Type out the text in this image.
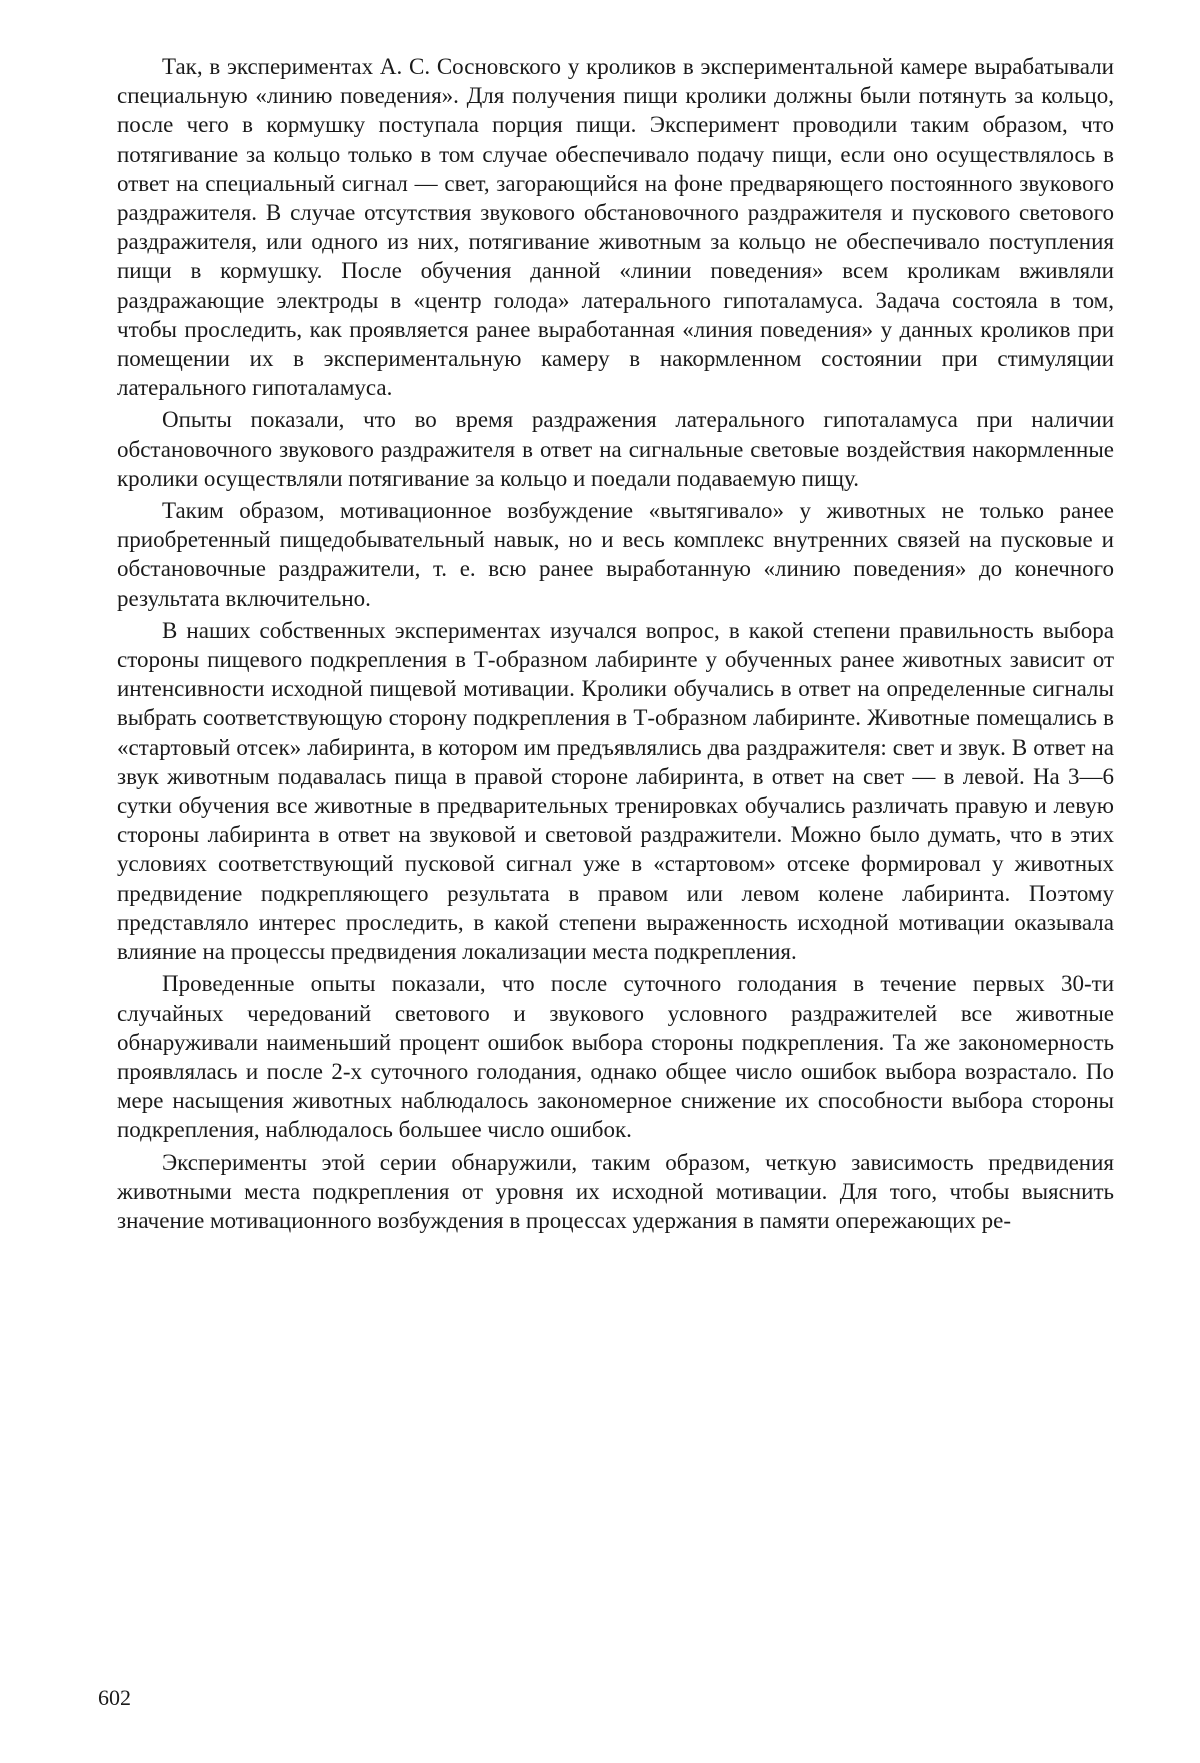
Так, в экспериментах А. С. Сосновского у кроликов в экспериментальной камере вырабатывали специальную «линию поведения». Для получения пищи кролики должны были потянуть за кольцо, после чего в кормушку поступала порция пищи. Эксперимент проводили таким образом, что потягивание за кольцо только в том случае обеспечивало подачу пищи, если оно осуществлялось в ответ на специальный сигнал — свет, загорающийся на фоне предваряющего постоянного звукового раздражителя. В случае отсутствия звукового обстановочного раздражителя и пускового светового раздражителя, или одного из них, потягивание животным за кольцо не обеспечивало поступления пищи в кормушку. После обучения данной «линии поведения» всем кроликам вживляли раздражающие электроды в «центр голода» латерального гипоталамуса. Задача состояла в том, чтобы проследить, как проявляется ранее выработанная «линия поведения» у данных кроликов при помещении их в экспериментальную камеру в накормленном состоянии при стимуляции латерального гипоталамуса.

Опыты показали, что во время раздражения латерального гипоталамуса при наличии обстановочного звукового раздражителя в ответ на сигнальные световые воздействия накормленные кролики осуществляли потягивание за кольцо и поедали подаваемую пищу.

Таким образом, мотивационное возбуждение «вытягивало» у животных не только ранее приобретенный пищедобывательный навык, но и весь комплекс внутренних связей на пусковые и обстановочные раздражители, т. е. всю ранее выработанную «линию поведения» до конечного результата включительно.

В наших собственных экспериментах изучался вопрос, в какой степени правильность выбора стороны пищевого подкрепления в Т-образном лабиринте у обученных ранее животных зависит от интенсивности исходной пищевой мотивации. Кролики обучались в ответ на определенные сигналы выбрать соответствующую сторону подкрепления в Т-образном лабиринте. Животные помещались в «стартовый отсек» лабиринта, в котором им предъявлялись два раздражителя: свет и звук. В ответ на звук животным подавалась пища в правой стороне лабиринта, в ответ на свет — в левой. На 3—6 сутки обучения все животные в предварительных тренировках обучались различать правую и левую стороны лабиринта в ответ на звуковой и световой раздражители. Можно было думать, что в этих условиях соответствующий пусковой сигнал уже в «стартовом» отсеке формировал у животных предвидение подкрепляющего результата в правом или левом колене лабиринта. Поэтому представляло интерес проследить, в какой степени выраженность исходной мотивации оказывала влияние на процессы предвидения локализации места подкрепления.

Проведенные опыты показали, что после суточного голодания в течение первых 30-ти случайных чередований светового и звукового условного раздражителей все животные обнаруживали наименьший процент ошибок выбора стороны подкрепления. Та же закономерность проявлялась и после 2-х суточного голодания, однако общее число ошибок выбора возрастало. По мере насыщения животных наблюдалось закономерное снижение их способности выбора стороны подкрепления, наблюдалось большее число ошибок.

Эксперименты этой серии обнаружили, таким образом, четкую зависимость предвидения животными места подкрепления от уровня их исходной мотивации. Для того, чтобы выяснить значение мотивационного возбуждения в процессах удержания в памяти опережающих ре-

602
